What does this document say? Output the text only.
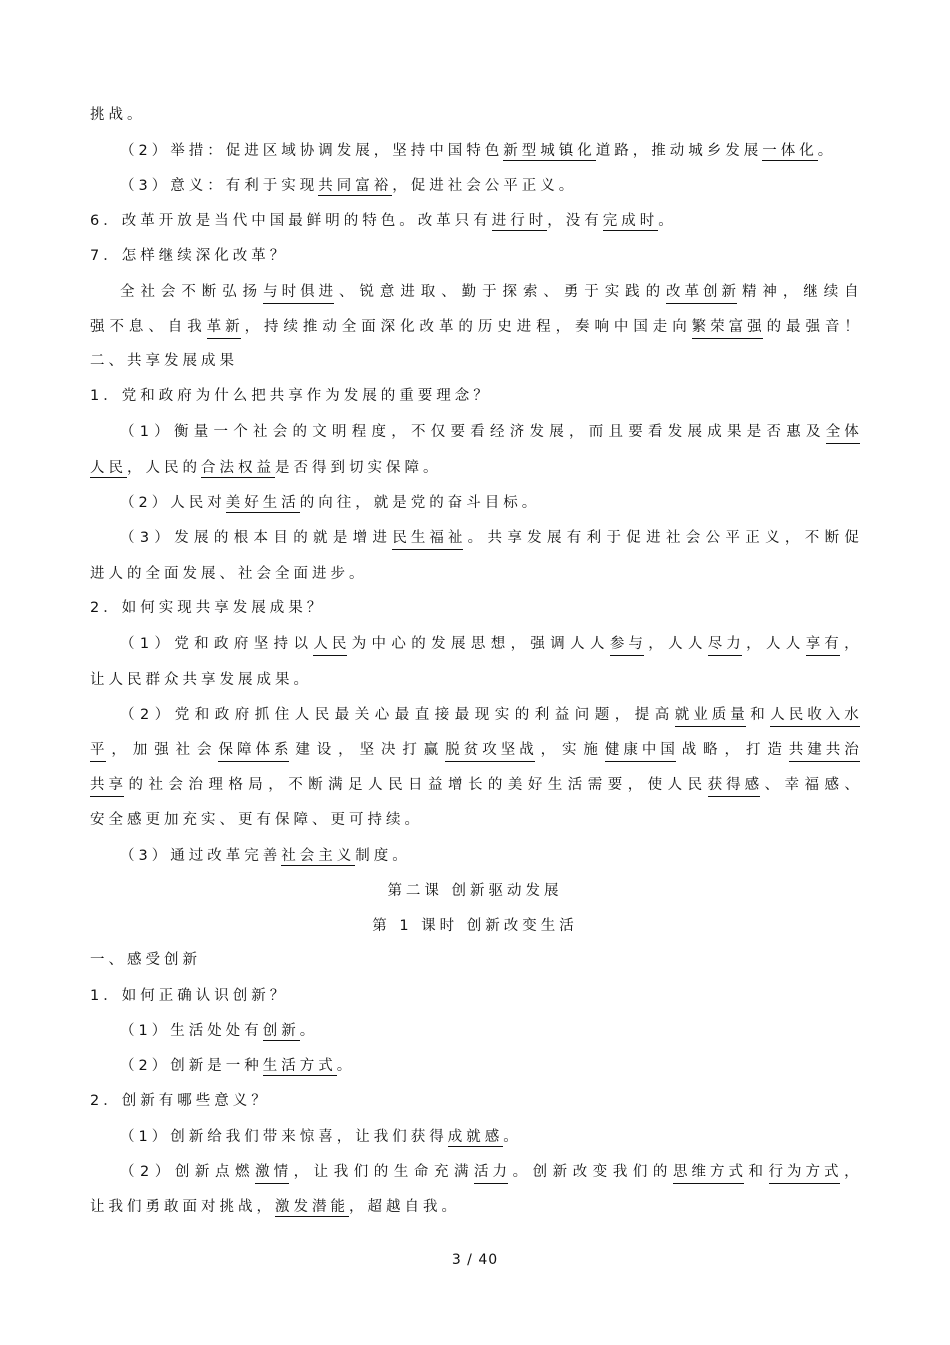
挑战。
（2）举措：促进区域协调发展，坚持中国特色新型城镇化道路，推动城乡发展一体化。
（3）意义：有利于实现共同富裕，促进社会公平正义。
6．改革开放是当代中国最鲜明的特色。改革只有进行时，没有完成时。
7．怎样继续深化改革？
全 社 会 不 断 弘 扬 与 时 俱 进 、 锐 意 进 取 、 勤 于 探 索 、 勇 于 实 践 的 改 革 创 新 精 神 ， 继 续 自
强 不 息 、 自 我 革 新 ， 持 续 推 动 全 面 深 化 改 革 的 历 史 进 程 ， 奏 响 中 国 走 向 繁 荣 富 强 的 最 强 音 ！
二、共享发展成果
1．党和政府为什么把共享作为发展的重要理念？
（ 1 ） 衡 量 一 个 社 会 的 文 明 程 度 ， 不 仅 要 看 经 济 发 展 ， 而 且 要 看 发 展 成 果 是 否 惠 及 全 体
人民，人民的合法权益是否得到切实保障。
（2）人民对美好生活的向往，就是党的奋斗目标。
（ 3 ） 发 展 的 根 本 目 的 就 是 增 进 民 生 福 祉 。 共 享 发 展 有 利 于 促 进 社 会 公 平 正 义 ， 不 断 促
进人的全面发展、社会全面进步。
2．如何实现共享发展成果？
（ 1 ） 党 和 政 府 坚 持 以 人 民 为 中 心 的 发 展 思 想 ， 强 调 人 人 参 与 ， 人 人 尽 力 ， 人 人 享 有 ，
让人民群众共享发展成果。
（ 2 ） 党 和 政 府 抓 住 人 民 最 关 心 最 直 接 最 现 实 的 利 益 问 题 ， 提 高 就 业 质 量 和 人 民 收 入 水
平 ， 加 强 社 会 保 障 体 系 建 设 ， 坚 决 打 赢 脱 贫 攻 坚 战 ， 实 施 健 康 中 国 战 略 ， 打 造 共 建 共 治
共 享 的 社 会 治 理 格 局 ， 不 断 满 足 人 民 日 益 增 长 的 美 好 生 活 需 要 ， 使 人 民 获 得 感 、 幸 福 感 、
安全感更加充实、更有保障、更可持续。
（3）通过改革完善社会主义制度。
第二课 创新驱动发展
第 1 课时 创新改变生活
一、感受创新
1．如何正确认识创新？
（1）生活处处有创新。
（2）创新是一种生活方式。
2．创新有哪些意义？
（1）创新给我们带来惊喜，让我们获得成就感。
（ 2 ） 创 新 点 燃 激 情 ， 让 我 们 的 生 命 充 满 活 力 。 创 新 改 变 我 们 的 思 维 方 式 和 行 为 方 式 ，
让我们勇敢面对挑战，激发潜能，超越自我。
3 / 40
